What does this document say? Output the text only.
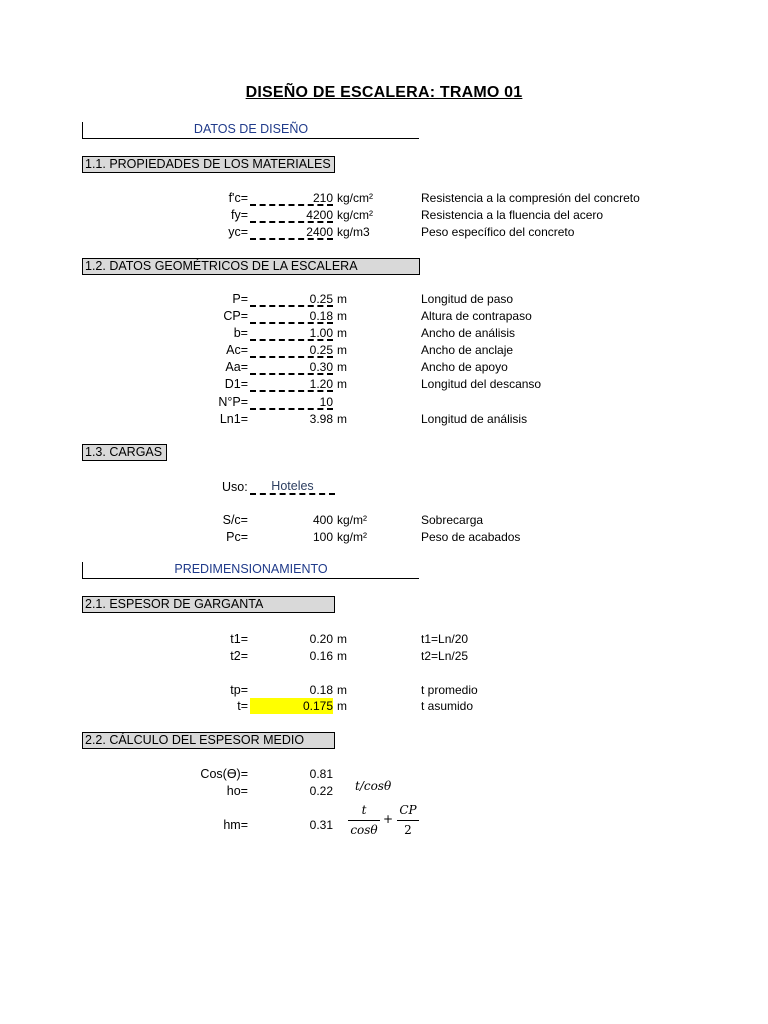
DISEÑO DE ESCALERA: TRAMO 01
DATOS DE DISEÑO
1.1. PROPIEDADES DE LOS MATERIALES
f'c=	210 kg/cm²	Resistencia a la compresión del concreto
fy=	4200 kg/cm²	Resistencia a la fluencia del acero
yc=	2400 kg/m3	Peso específico del concreto
1.2. DATOS GEOMÉTRICOS DE LA ESCALERA
P=	0.25 m	Longitud de paso
CP=	0.18 m	Altura de contrapaso
b=	1.00 m	Ancho de análisis
Ac=	0.25 m	Ancho de anclaje
Aa=	0.30 m	Ancho de apoyo
D1=	1.20 m	Longitud del descanso
N°P=	10
Ln1=	3.98 m	Longitud de análisis
1.3. CARGAS
Uso:	Hoteles
S/c=	400 kg/m²	Sobrecarga
Pc=	100 kg/m²	Peso de acabados
PREDIMENSIONAMIENTO
2.1. ESPESOR DE GARGANTA
t1=	0.20 m	t1=Ln/20
t2=	0.16 m	t2=Ln/25
tp=	0.18 m	t promedio
t=	0.175 m	t asumido
2.2. CÁLCULO DEL ESPESOR MEDIO
Cos(Ɵ)=	0.81
ho=	0.22 t/cosθ
hm=	0.31
t
cosθ
+
CP
2
